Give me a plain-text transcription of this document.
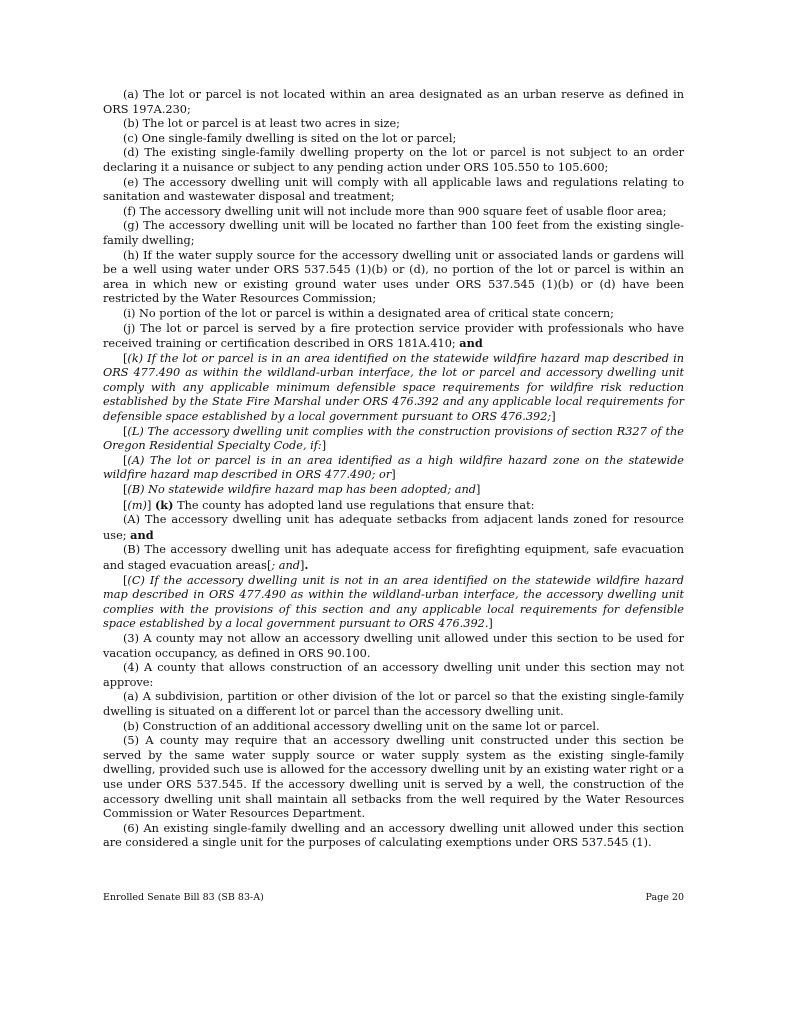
(a) The lot or parcel is not located within an area designated as an urban reserve as defined in ORS 197A.230;

(b) The lot or parcel is at least two acres in size;

(c) One single-family dwelling is sited on the lot or parcel;

(d) The existing single-family dwelling property on the lot or parcel is not subject to an order declaring it a nuisance or subject to any pending action under ORS 105.550 to 105.600;

(e) The accessory dwelling unit will comply with all applicable laws and regulations relating to sanitation and wastewater disposal and treatment;

(f) The accessory dwelling unit will not include more than 900 square feet of usable floor area;

(g) The accessory dwelling unit will be located no farther than 100 feet from the existing single-family dwelling;

(h) If the water supply source for the accessory dwelling unit or associated lands or gardens will be a well using water under ORS 537.545 (1)(b) or (d), no portion of the lot or parcel is within an area in which new or existing ground water uses under ORS 537.545 (1)(b) or (d) have been restricted by the Water Resources Commission;

(i) No portion of the lot or parcel is within a designated area of critical state concern;

(j) The lot or parcel is served by a fire protection service provider with professionals who have received training or certification described in ORS 181A.410; and

[(k) If the lot or parcel is in an area identified on the statewide wildfire hazard map described in ORS 477.490 as within the wildland-urban interface, the lot or parcel and accessory dwelling unit comply with any applicable minimum defensible space requirements for wildfire risk reduction established by the State Fire Marshal under ORS 476.392 and any applicable local requirements for defensible space established by a local government pursuant to ORS 476.392;]

[(L) The accessory dwelling unit complies with the construction provisions of section R327 of the Oregon Residential Specialty Code, if:]

[(A) The lot or parcel is in an area identified as a high wildfire hazard zone on the statewide wildfire hazard map described in ORS 477.490; or]

[(B) No statewide wildfire hazard map has been adopted; and]

[(m)] (k) The county has adopted land use regulations that ensure that:

(A) The accessory dwelling unit has adequate setbacks from adjacent lands zoned for resource use; and

(B) The accessory dwelling unit has adequate access for firefighting equipment, safe evacuation and staged evacuation areas[; and].

[(C) If the accessory dwelling unit is not in an area identified on the statewide wildfire hazard map described in ORS 477.490 as within the wildland-urban interface, the accessory dwelling unit complies with the provisions of this section and any applicable local requirements for defensible space established by a local government pursuant to ORS 476.392.]

(3) A county may not allow an accessory dwelling unit allowed under this section to be used for vacation occupancy, as defined in ORS 90.100.

(4) A county that allows construction of an accessory dwelling unit under this section may not approve:

(a) A subdivision, partition or other division of the lot or parcel so that the existing single-family dwelling is situated on a different lot or parcel than the accessory dwelling unit.

(b) Construction of an additional accessory dwelling unit on the same lot or parcel.

(5) A county may require that an accessory dwelling unit constructed under this section be served by the same water supply source or water supply system as the existing single-family dwelling, provided such use is allowed for the accessory dwelling unit by an existing water right or a use under ORS 537.545. If the accessory dwelling unit is served by a well, the construction of the accessory dwelling unit shall maintain all setbacks from the well required by the Water Resources Commission or Water Resources Department.

(6) An existing single-family dwelling and an accessory dwelling unit allowed under this section are considered a single unit for the purposes of calculating exemptions under ORS 537.545 (1).

Enrolled Senate Bill 83 (SB 83-A)	Page 20
